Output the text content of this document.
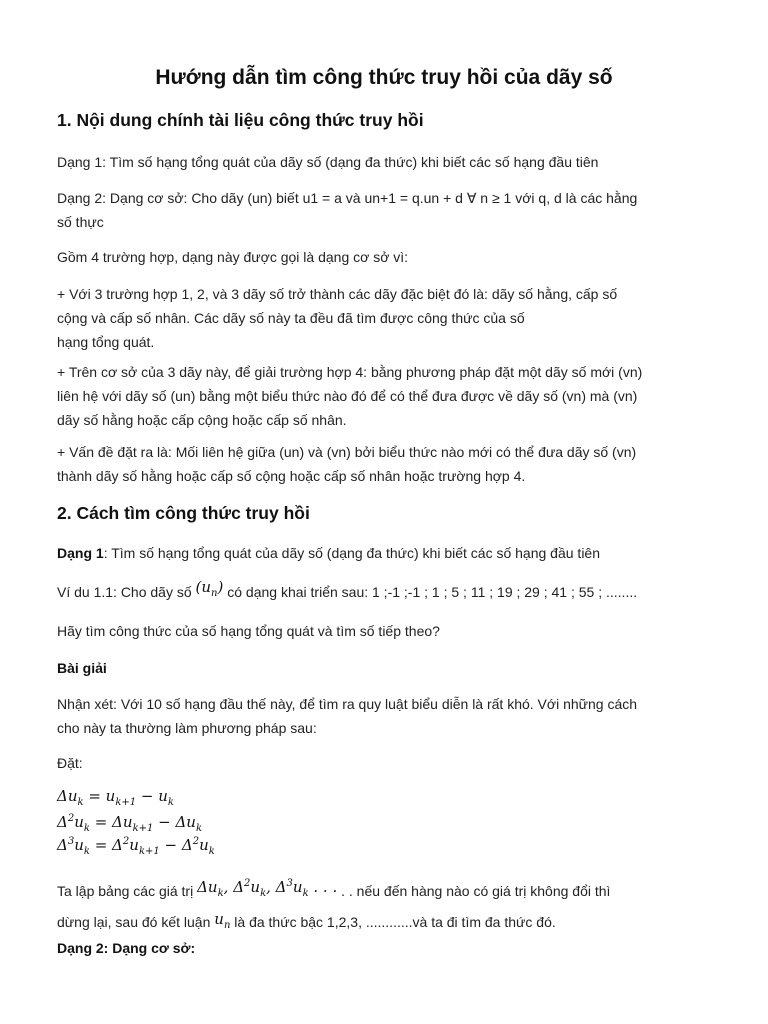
Hướng dẫn tìm công thức truy hồi của dãy số
1. Nội dung chính tài liệu công thức truy hồi

Dạng 1: Tìm số hạng tổng quát của dãy số (dạng đa thức) khi biết các số hạng đầu tiên

Dạng 2: Dạng cơ sở: Cho dãy (un) biết u1 = a và un+1 = q.un + d ∀ n ≥ 1 với q, d là các hằng
số thực

Gồm 4 trường hợp, dạng này được gọi là dạng cơ sở vì:

+ Với 3 trường hợp 1, 2, và 3 dãy số trở thành các dãy đặc biệt đó là: dãy số hằng, cấp số
cộng và cấp số nhân. Các dãy số này ta đều đã tìm được công thức của số
hạng tổng quát.

+ Trên cơ sở của 3 dãy này, để giải trường hợp 4: bằng phương pháp đặt một dãy số mới (vn)
liên hệ với dãy số (un) bằng một biểu thức nào đó để có thể đưa được về dãy số (vn) mà (vn)
dãy số hằng hoặc cấp cộng hoặc cấp số nhân.

+ Vấn đề đặt ra là: Mối liên hệ giữa (un) và (vn) bởi biểu thức nào mới có thể đưa dãy số (vn)
thành dãy số hằng hoặc cấp số cộng hoặc cấp số nhân hoặc trường hợp 4.

2. Cách tìm công thức truy hồi

Dạng 1: Tìm số hạng tổng quát của dãy số (dạng đa thức) khi biết các số hạng đầu tiên

Ví du 1.1: Cho dãy số $(u_n)$ có dạng khai triển sau: 1 ;-1 ;-1 ; 1 ; 5 ; 11 ; 19 ; 29 ; 41 ; 55 ; ........

Hãy tìm công thức của số hạng tổng quát và tìm số tiếp theo?

Bài giải

Nhận xét: Với 10 số hạng đầu thế này, để tìm ra quy luật biểu diễn là rất khó. Với những cách
cho này ta thường làm phương pháp sau:

Đặt:

$\Delta u_k = u_{k+1} - u_k$
$\Delta^2u_k = \Delta u_{k+1} - \Delta u_k$
$\Delta^3u_k = \Delta^2u_{k+1} - \Delta^2u_k$

Ta lập bảng các giá trị $\Delta u_k$, $\Delta^2u_k$, $\Delta^3u_k$ . . . . . nếu đến hàng nào có giá trị không đổi thì
dừng lại, sau đó kết luận $u_n$ là đa thức bậc 1,2,3, ............và ta đi tìm đa thức đó.

Dạng 2: Dạng cơ sở:
